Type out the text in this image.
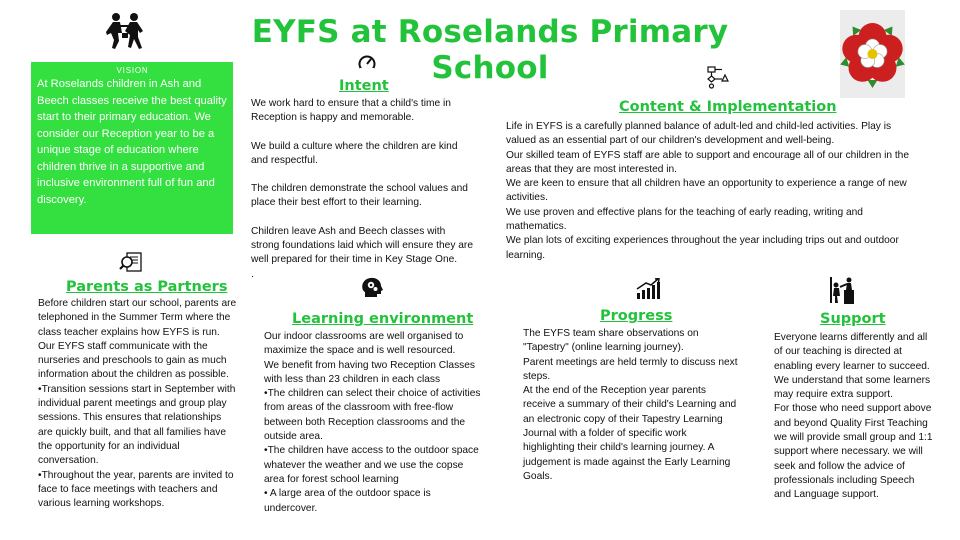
EYFS at Roselands Primary School
VISION
At Roselands children in Ash and Beech classes receive the best quality start to their primary education. We consider our Reception year to be a unique stage of education where children thrive in a supportive and inclusive environment full of fun and discovery.
Intent

We work hard to ensure that a child's time in Reception is happy and memorable.

We build a culture where the children are kind and respectful.

The children demonstrate the school values and place their best effort to their learning.

Children leave Ash and Beech classes with strong foundations laid which will ensure they are well prepared for their time in Key Stage One.

.

Content & Implementation

Life in EYFS is a carefully planned balance of adult-led and child-led activities. Play is valued as an essential part of our children's development and well-being.

Our skilled team of EYFS staff are able to support and encourage all of our children in the areas that they are most interested in.

We are keen to ensure that all children have an opportunity to experience a range of new activities.

We use proven and effective plans for the teaching of early reading, writing and mathematics.

We plan lots of exciting experiences throughout the year including trips out and outdoor learning.

Parents as Partners

Before children start our school, parents are telephoned in the Summer Term where the class teacher explains how EYFS is run. Our EYFS staff communicate with the nurseries and preschools to gain as much information about the children as possible.

•Transition sessions start in September with individual parent meetings and group play sessions. This ensures that relationships are quickly built, and that all families have the opportunity for an individual conversation.

•Throughout the year, parents are invited to face to face meetings with teachers and various learning workshops.

Learning environment

Our indoor classrooms are well organised to maximize the space and is well resourced.

We benefit from having two Reception Classes with less than 23 children in each class

•The children can select their choice of activities from areas of the classroom with free-flow between both Reception classrooms and the outside area.

•The children have access to the outdoor space whatever the weather and we use the copse area for forest school learning

• A large area of the outdoor space is undercover.

Progress

The EYFS team share observations on "Tapestry" (online learning journey).

Parent meetings are held termly to discuss next steps.

At the end of the Reception year parents receive a summary of their child's Learning and an electronic copy of their Tapestry Learning Journal with a folder of specific work highlighting their child's learning journey. A judgement is made against the Early Learning Goals.

Support

Everyone learns differently and all of our teaching is directed at enabling every learner to succeed. We understand that some learners may require extra support.

For those who need support above and beyond Quality First Teaching we will provide small group and 1:1 support where necessary. we will seek and follow the advice of professionals including Speech and Language support.
